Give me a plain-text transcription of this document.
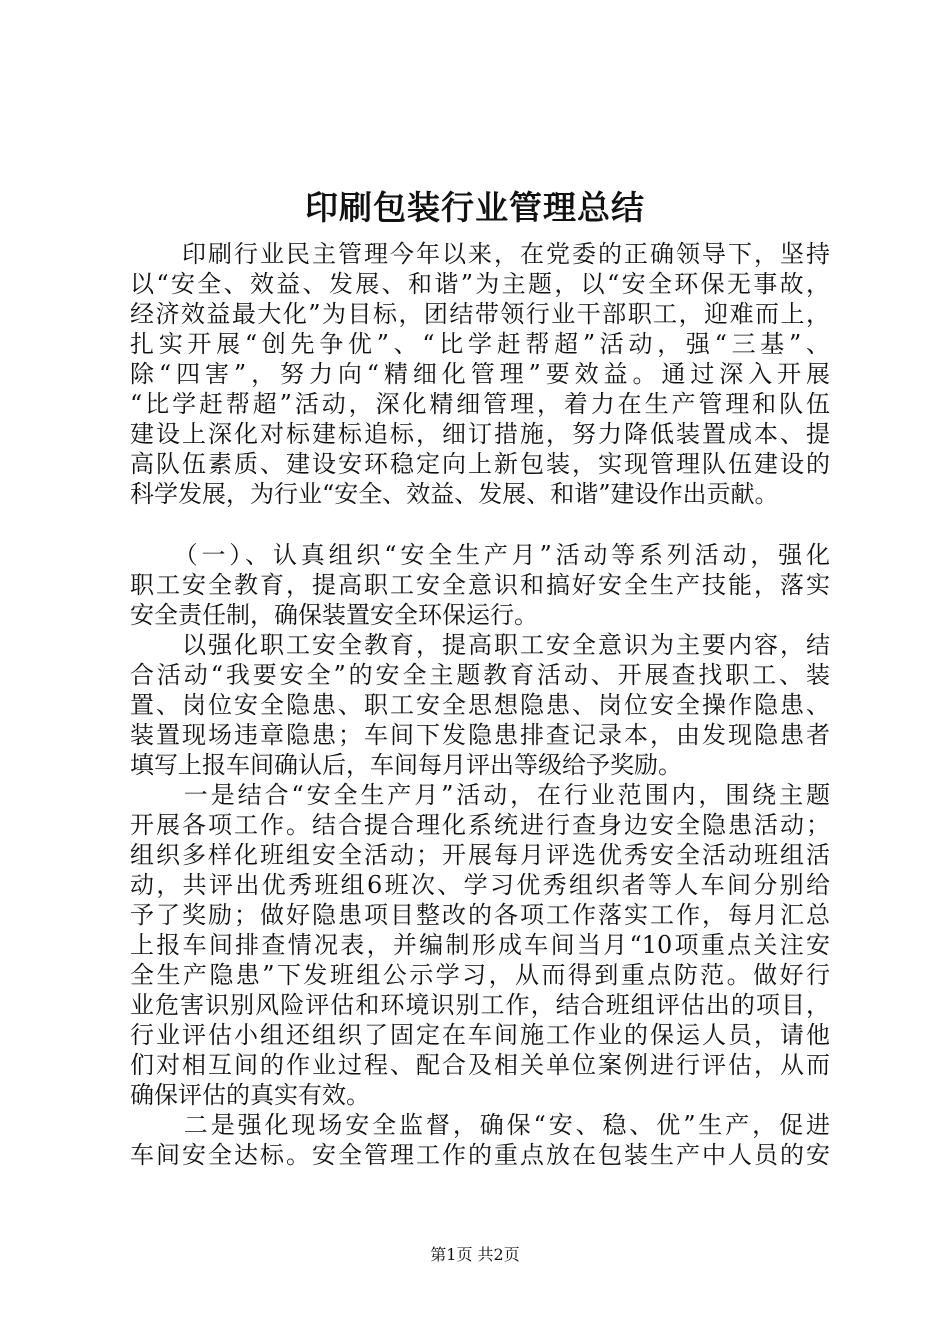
印刷包装行业管理总结
　　印刷行业民主管理今年以来，在党委的正确领导下，坚持
以“安全、效益、发展、和谐”为主题，以“安全环保无事故，
经济效益最大化”为目标，团结带领行业干部职工，迎难而上，
扎实开展“创先争优”、“比学赶帮超”活动，强“三基”、
除“四害”，努力向“精细化管理”要效益。通过深入开展
“比学赶帮超”活动，深化精细管理，着力在生产管理和队伍
建设上深化对标建标追标，细订措施，努力降低装置成本、提
高队伍素质、建设安环稳定向上新包装，实现管理队伍建设的
科学发展，为行业“安全、效益、发展、和谐”建设作出贡献。
　　（一）、认真组织“安全生产月”活动等系列活动，强化
职工安全教育，提高职工安全意识和搞好安全生产技能，落实
安全责任制，确保装置安全环保运行。
　　以强化职工安全教育，提高职工安全意识为主要内容，结
合活动“我要安全”的安全主题教育活动、开展查找职工、装
置、岗位安全隐患、职工安全思想隐患、岗位安全操作隐患、
装置现场违章隐患；车间下发隐患排查记录本，由发现隐患者
填写上报车间确认后，车间每月评出等级给予奖励。
　　一是结合“安全生产月”活动，在行业范围内，围绕主题
开展各项工作。结合提合理化系统进行查身边安全隐患活动；
组织多样化班组安全活动；开展每月评选优秀安全活动班组活
动，共评出优秀班组6班次、学习优秀组织者等人车间分别给
予了奖励；做好隐患项目整改的各项工作落实工作，每月汇总
上报车间排查情况表，并编制形成车间当月“10项重点关注安
全生产隐患”下发班组公示学习，从而得到重点防范。做好行
业危害识别风险评估和环境识别工作，结合班组评估出的项目，
行业评估小组还组织了固定在车间施工作业的保运人员，请他
们对相互间的作业过程、配合及相关单位案例进行评估，从而
确保评估的真实有效。
　　二是强化现场安全监督，确保“安、稳、优”生产，促进
车间安全达标。安全管理工作的重点放在包装生产中人员的安
第1页 共2页
